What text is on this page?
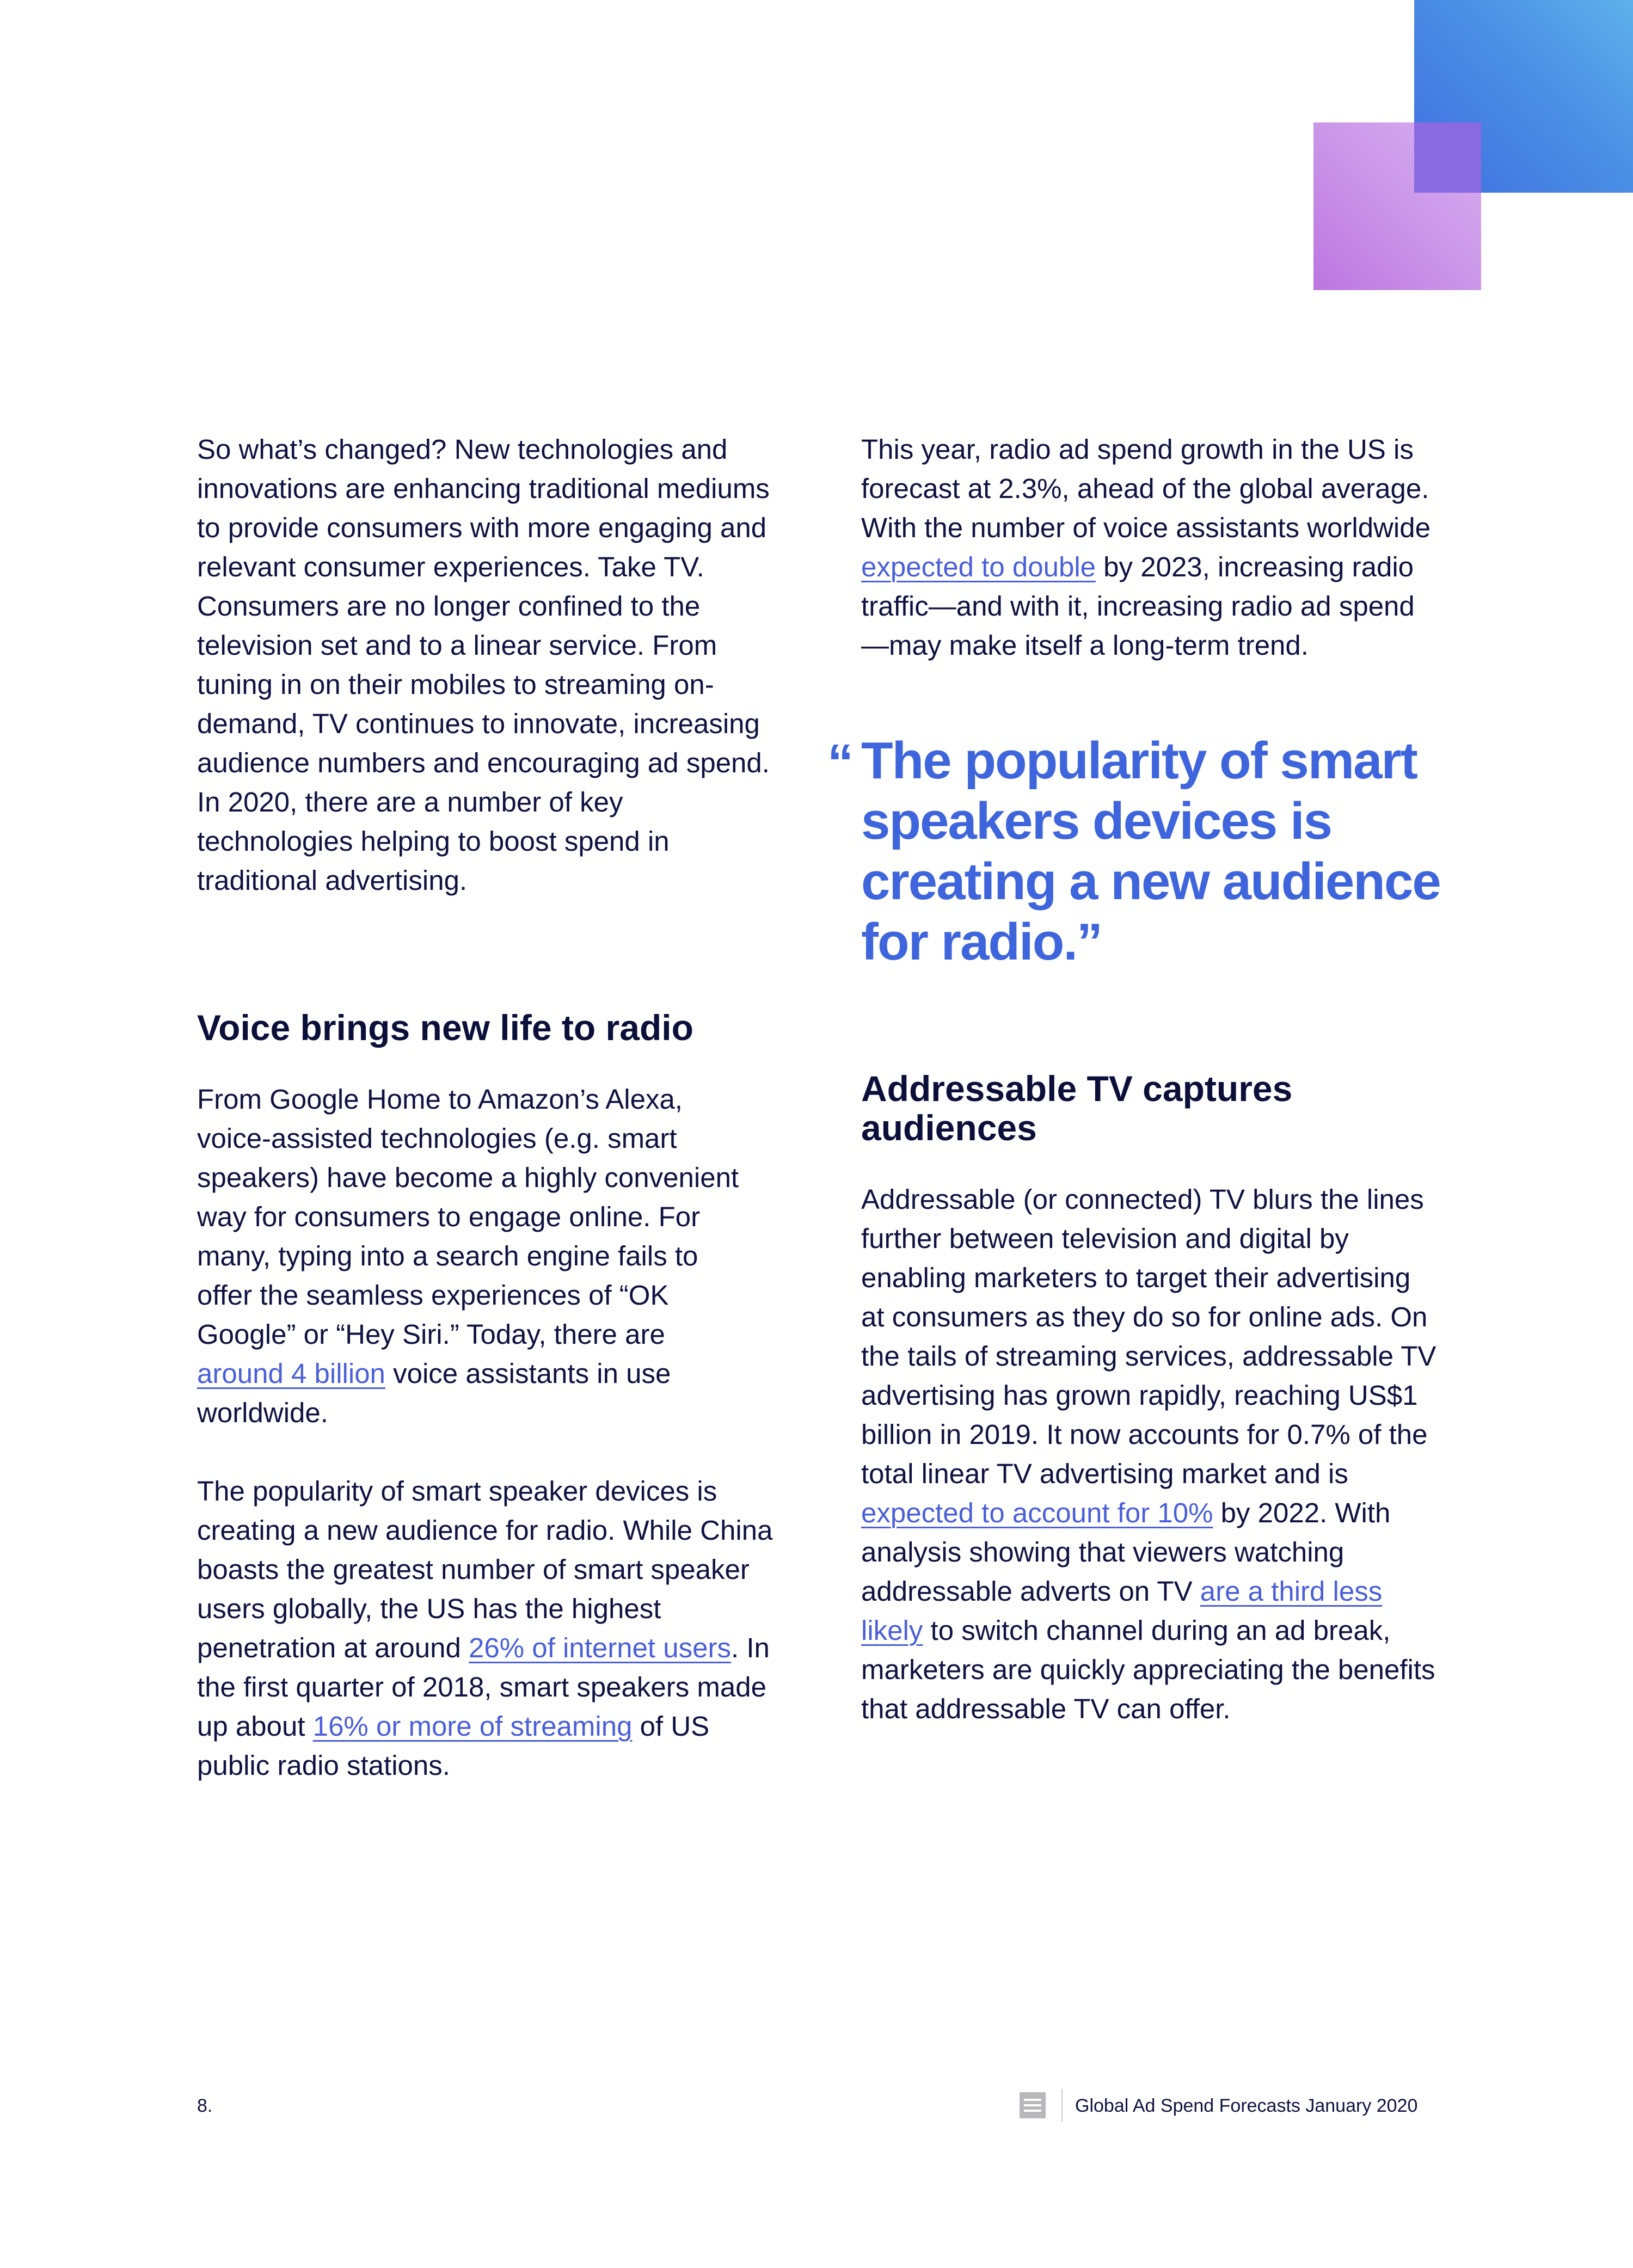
So what’s changed? New technologies and innovations are enhancing traditional mediums to provide consumers with more engaging and relevant consumer experiences. Take TV. Consumers are no longer confined to the television set and to a linear service. From tuning in on their mobiles to streaming on-demand, TV continues to innovate, increasing audience numbers and encouraging ad spend. In 2020, there are a number of key technologies helping to boost spend in traditional advertising.

Voice brings new life to radio

From Google Home to Amazon’s Alexa, voice-assisted technologies (e.g. smart speakers) have become a highly convenient way for consumers to engage online. For many, typing into a search engine fails to offer the seamless experiences of “OK Google” or “Hey Siri.” Today, there are around 4 billion voice assistants in use worldwide.

The popularity of smart speaker devices is creating a new audience for radio. While China boasts the greatest number of smart speaker users globally, the US has the highest penetration at around 26% of internet users. In the first quarter of 2018, smart speakers made up about 16% or more of streaming of US public radio stations.

This year, radio ad spend growth in the US is forecast at 2.3%, ahead of the global average. With the number of voice assistants worldwide expected to double by 2023, increasing radio traffic—and with it, increasing radio ad spend—may make itself a long-term trend.

“ The popularity of smart speakers devices is creating a new audience for radio.”
Addressable TV captures audiences

Addressable (or connected) TV blurs the lines further between television and digital by enabling marketers to target their advertising at consumers as they do so for online ads. On the tails of streaming services, addressable TV advertising has grown rapidly, reaching US$1 billion in 2019. It now accounts for 0.7% of the total linear TV advertising market and is expected to account for 10% by 2022. With analysis showing that viewers watching addressable adverts on TV are a third less likely to switch channel during an ad break, marketers are quickly appreciating the benefits that addressable TV can offer.

8.	Global Ad Spend Forecasts January 2020
